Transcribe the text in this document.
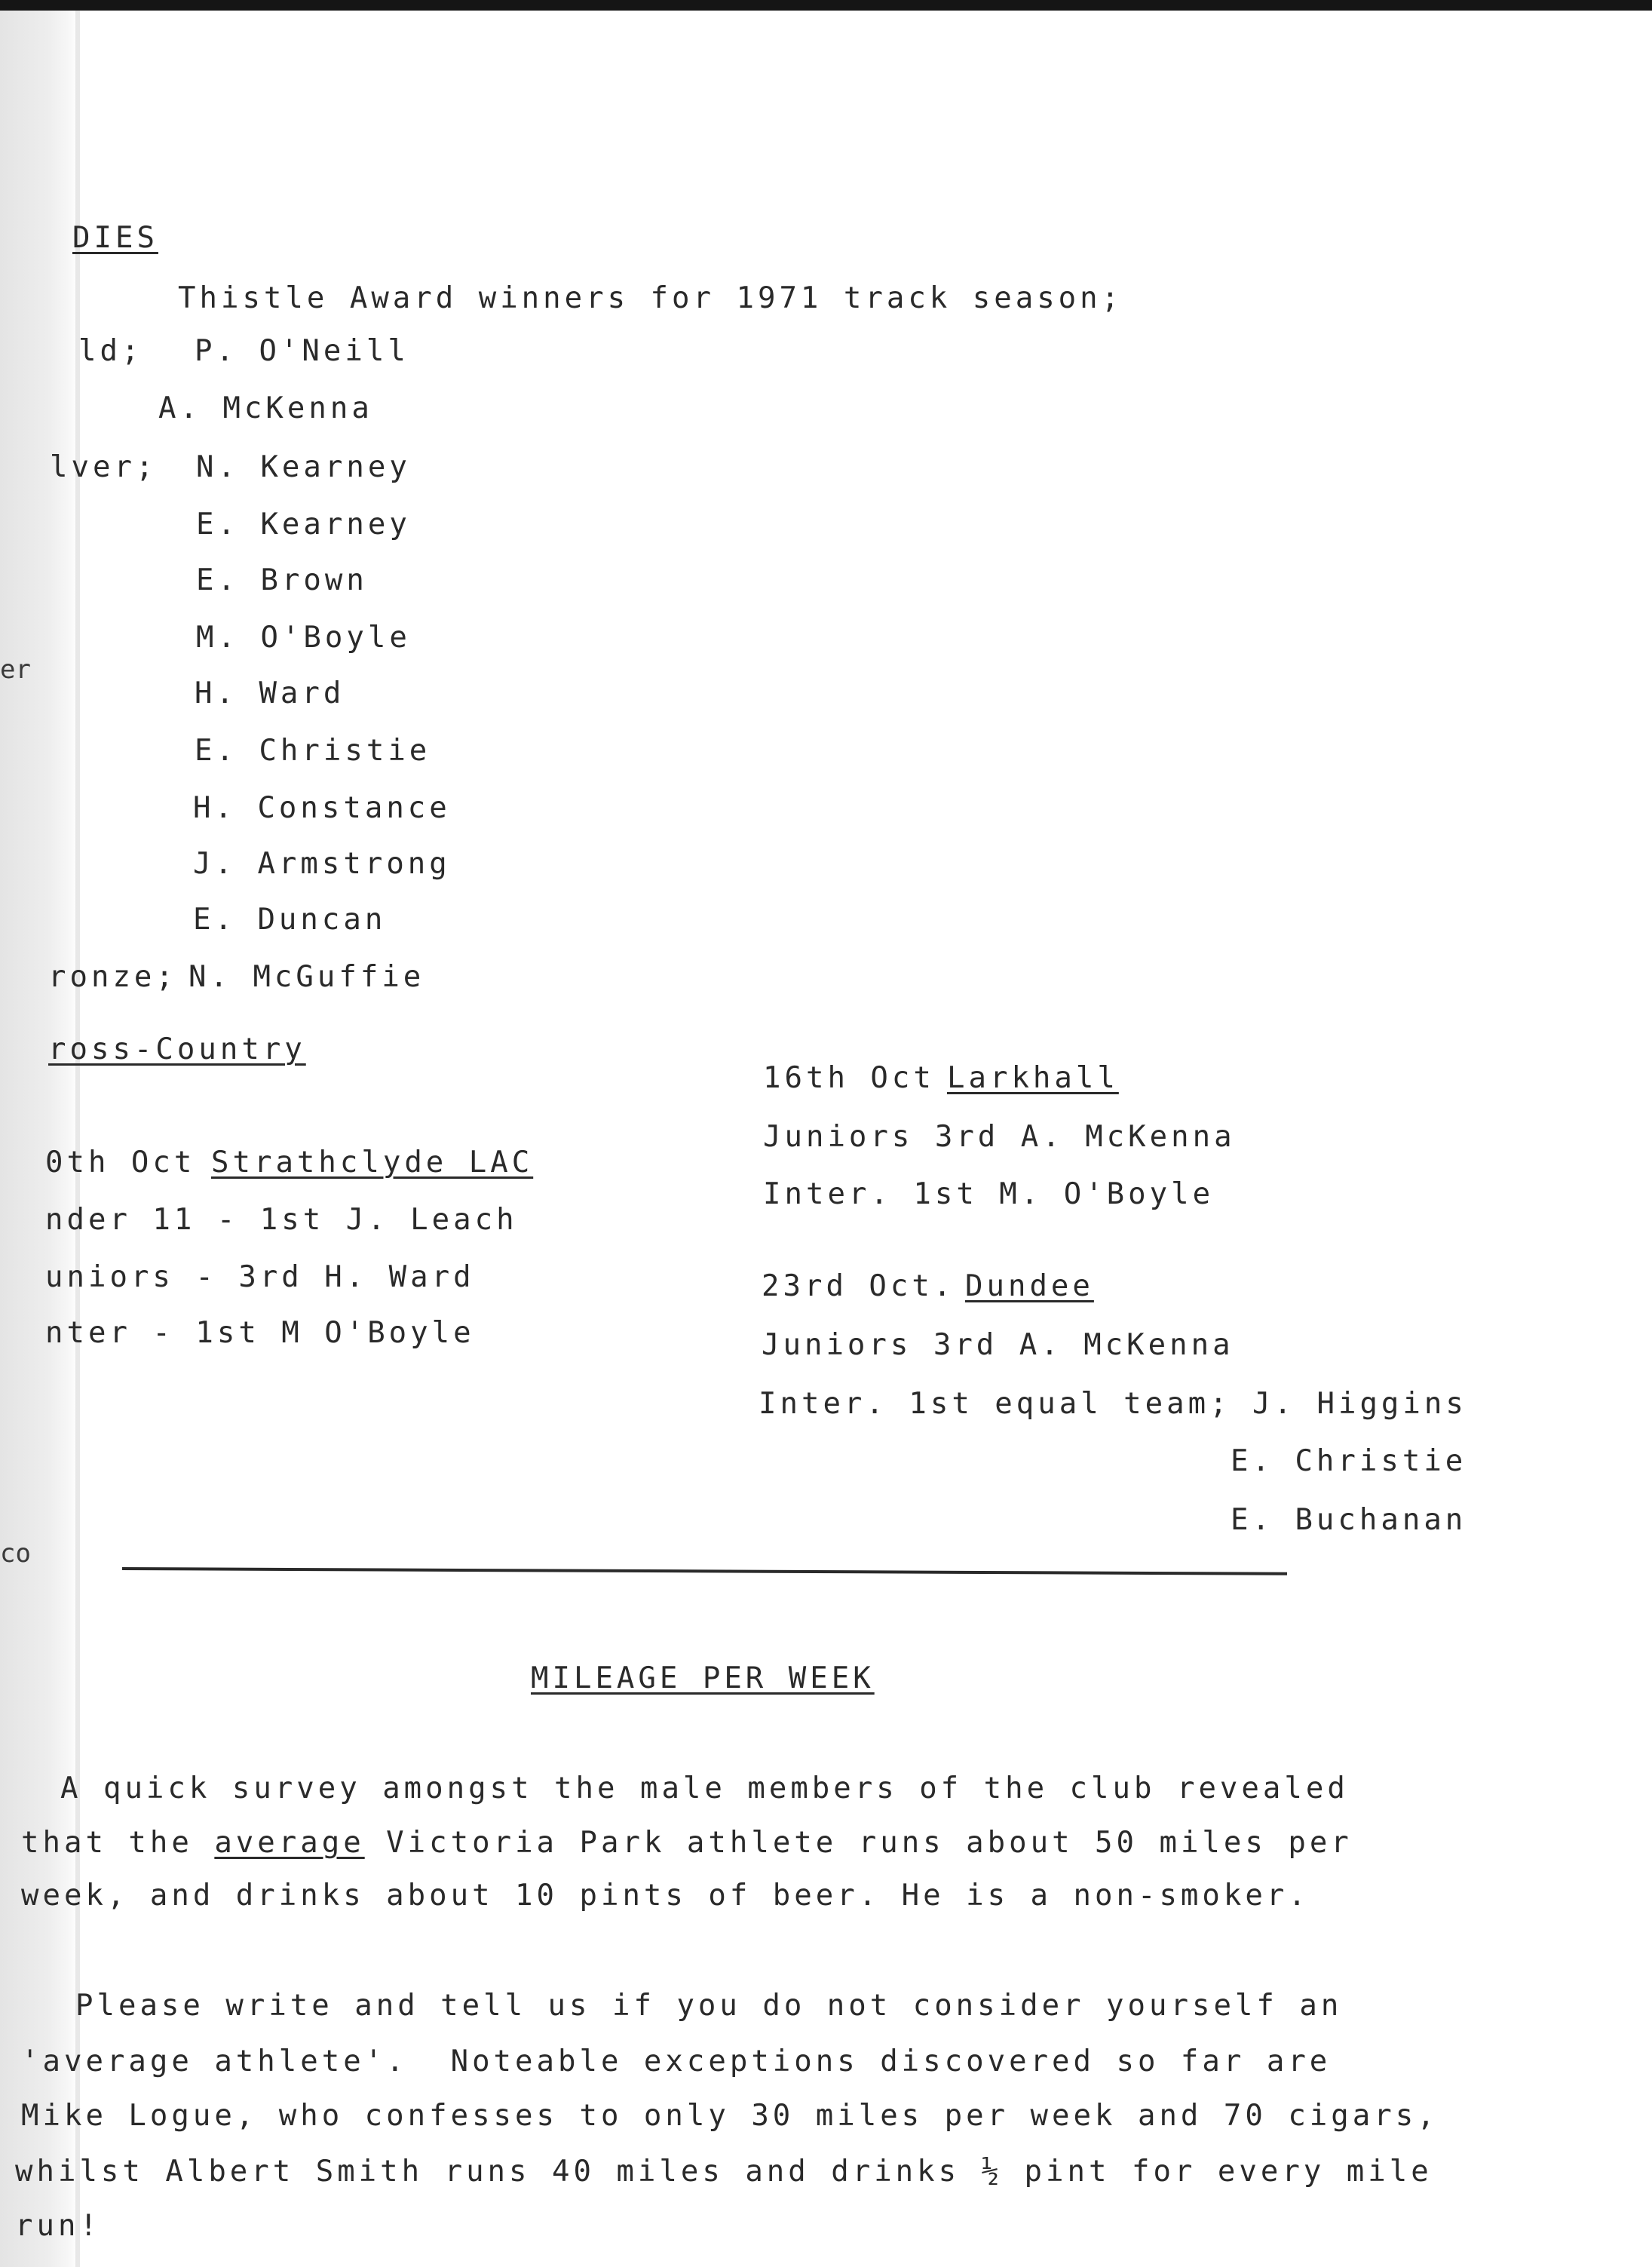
DIES
Thistle Award winners for 1971 track season;
ld; P. O'Neill
A. McKenna
lver; N. Kearney
E. Kearney
E. Brown
M. O'Boyle
H. Ward
E. Christie
H. Constance
J. Armstrong
E. Duncan
ronze; N. McGuffie
ross-Country
0th Oct Strathclyde LAC
nder 11 - 1st J. Leach
uniors - 3rd H. Ward
nter - 1st M O'Boyle
16th Oct Larkhall
Juniors 3rd A. McKenna
Inter. 1st M. O'Boyle
23rd Oct. Dundee
Juniors 3rd A. McKenna
Inter. 1st equal team; J. Higgins
E. Christie
E. Buchanan
er
co
MILEAGE PER WEEK
A quick survey amongst the male members of the club revealed
that the average Victoria Park athlete runs about 50 miles per
week, and drinks about 10 pints of beer. He is a non-smoker.
Please write and tell us if you do not consider yourself an
'average athlete'.  Noteable exceptions discovered so far are
Mike Logue, who confesses to only 30 miles per week and 70 cigars,
whilst Albert Smith runs 40 miles and drinks ½ pint for every mile
run!
